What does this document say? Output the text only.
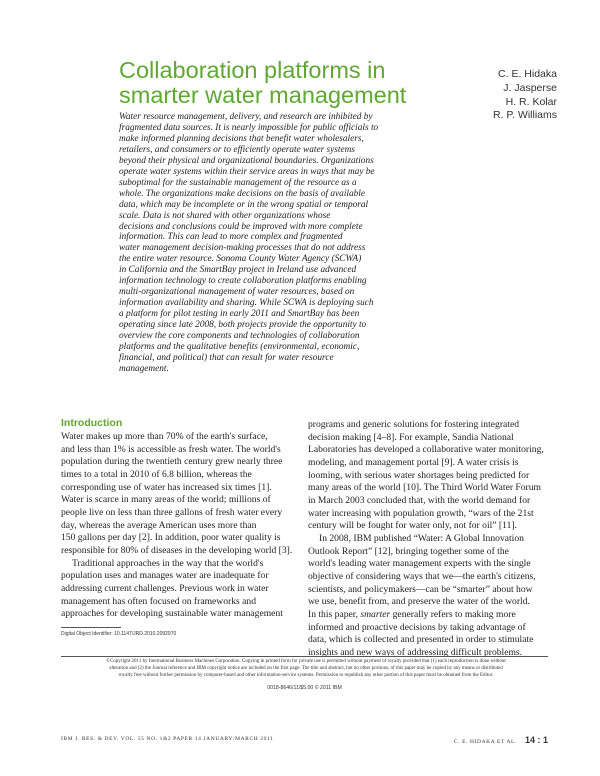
Collaboration platforms in
smarter water management
C. E. Hidaka
J. Jasperse
H. R. Kolar
R. P. Williams
Water resource management, delivery, and research are inhibited by
fragmented data sources. It is nearly impossible for public officials to
make informed planning decisions that benefit water wholesalers,
retailers, and consumers or to efficiently operate water systems
beyond their physical and organizational boundaries. Organizations
operate water systems within their service areas in ways that may be
suboptimal for the sustainable management of the resource as a
whole. The organizations make decisions on the basis of available
data, which may be incomplete or in the wrong spatial or temporal
scale. Data is not shared with other organizations whose
decisions and conclusions could be improved with more complete
information. This can lead to more complex and fragmented
water management decision-making processes that do not address
the entire water resource. Sonoma County Water Agency (SCWA)
in California and the SmartBay project in Ireland use advanced
information technology to create collaboration platforms enabling
multi-organizational management of water resources, based on
information availability and sharing. While SCWA is deploying such
a platform for pilot testing in early 2011 and SmartBay has been
operating since late 2008, both projects provide the opportunity to
overview the core components and technologies of collaboration
platforms and the qualitative benefits (environmental, economic,
financial, and political) that can result for water resource
management.
Introduction
Water makes up more than 70% of the earth's surface,
and less than 1% is accessible as fresh water. The world's
population during the twentieth century grew nearly three
times to a total in 2010 of 6.8 billion, whereas the
corresponding use of water has increased six times [1].
Water is scarce in many areas of the world; millions of
people live on less than three gallons of fresh water every
day, whereas the average American uses more than
150 gallons per day [2]. In addition, poor water quality is
responsible for 80% of diseases in the developing world [3].
Traditional approaches in the way that the world's
population uses and manages water are inadequate for
addressing current challenges. Previous work in water
management has often focused on frameworks and
approaches for developing sustainable water management
programs and generic solutions for fostering integrated
decision making [4–8]. For example, Sandia National
Laboratories has developed a collaborative water monitoring,
modeling, and management portal [9]. A water crisis is
looming, with serious water shortages being predicted for
many areas of the world [10]. The Third World Water Forum
in March 2003 concluded that, with the world demand for
water increasing with population growth, “wars of the 21st
century will be fought for water only, not for oil” [11].
In 2008, IBM published “Water: A Global Innovation
Outlook Report” [12], bringing together some of the
world's leading water management experts with the single
objective of considering ways that we—the earth's citizens,
scientists, and policymakers—can be “smarter” about how
we use, benefit from, and preserve the water of the world.
In this paper, smarter generally refers to making more
informed and proactive decisions by taking advantage of
data, which is collected and presented in order to stimulate
insights and new ways of addressing difficult problems.
Digital Object Identifier: 10.1147/JRD.2010.2092970
©Copyright 2011 by International Business Machines Corporation. Copying in printed form for private use is permitted without payment of royalty provided that (1) each reproduction is done without
alteration and (2) the Journal reference and IBM copyright notice are included on the first page. The title and abstract, but no other portions, of this paper may be copied by any means or distributed
royalty free without further permission by computer-based and other information-service systems. Permission to republish any other portion of this paper must be obtained from the Editor.
0018-8646/11/$5.00 © 2011 IBM
IBM J. RES. & DEV. VOL. 55 NO. 1&2 PAPER 14 JANUARY/MARCH 2011	C. E. HIDAKA ET AL. 14 : 1
